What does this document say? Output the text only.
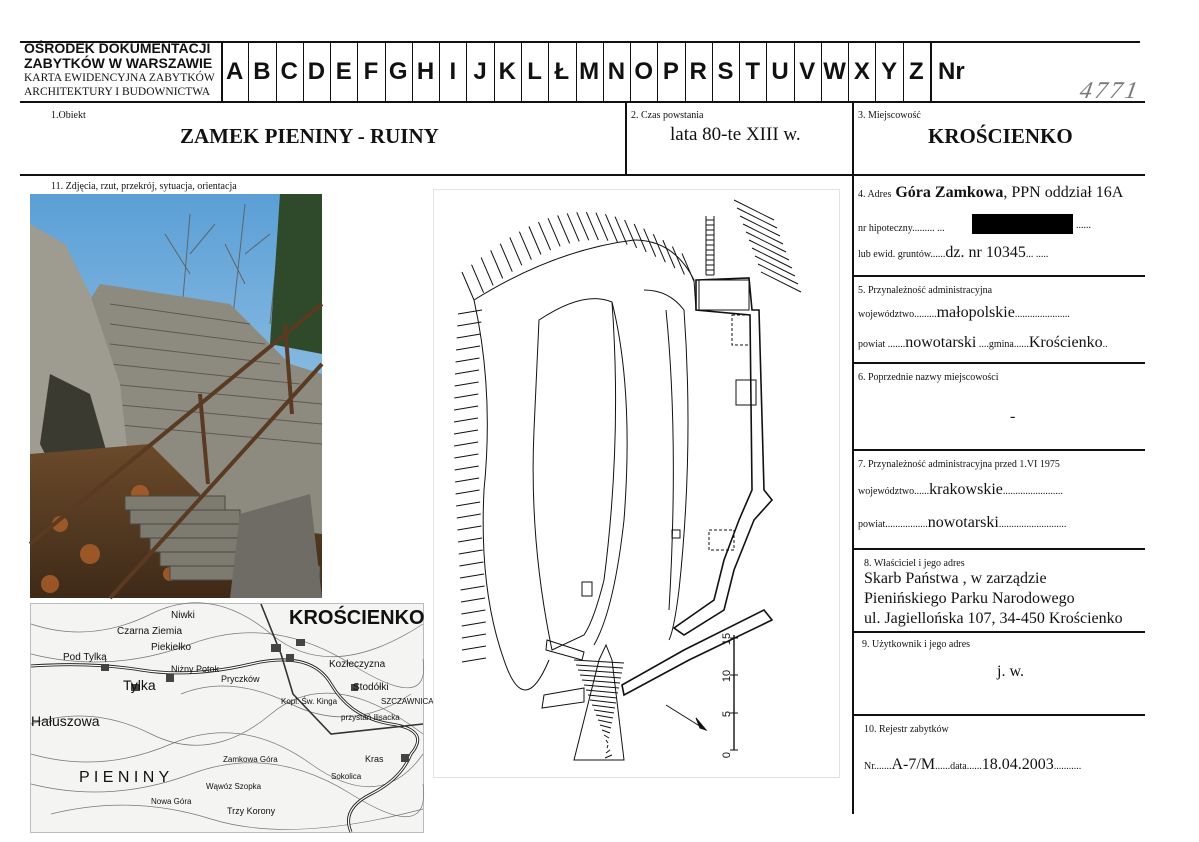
OŚRODEK DOKUMENTACJI
ZABYTKÓW W WARSZAWIE
KARTA EWIDENCYJNA ZABYTKÓW
ARCHITEKTURY I BUDOWNICTWA
A B C D E F G H I J K L Ł M N O P R S T U V W X Y Z Nr
4771
1.Obiekt
ZAMEK PIENINY - RUINY
2. Czas powstania
lata 80-te XIII w.
3. Miejscowość
KROŚCIENKO
11. Zdjęcia, rzut, przekrój, sytuacja, orientacja
KROŚCIENKO
Niwki
Czarna Ziemia
Piekiełko
Pod Tylką
Tylka
Niżny Potok
Pryczków
Kozłeczyzna
Stodółki
SZCZAWNICA
Hałuszowa
Kras
Zamkowa Góra
P I E N I N Y
Nowa Góra
Sokolica
Trzy Korony
przystań ilisacka
Kopl. Św. Kinga
Wąwóz Szopka
0
5
10
15
4. Adres Góra Zamkowa, PPN oddział 16A
nr hipoteczny......... ...	......
lub ewid. gruntów......dz. nr 10345... .....
5. Przynależność administracyjna
województwo.........małopolskie......................
powiat .......nowotarski ....gmina......Krościenko..
6. Poprzednie nazwy miejscowości
-
7. Przynależność administracyjna przed 1.VI 1975
województwo......krakowskie........................
powiat.................nowotarski...........................
8. Właściciel i jego adres
Skarb Państwa , w zarządzie
Pienińskiego Parku Narodowego
ul. Jagiellońska 107, 34-450 Krościenko
9. Użytkownik i jego adres
j. w.
10. Rejestr zabytków
Nr.......A-7/M......data......18.04.2003...........
